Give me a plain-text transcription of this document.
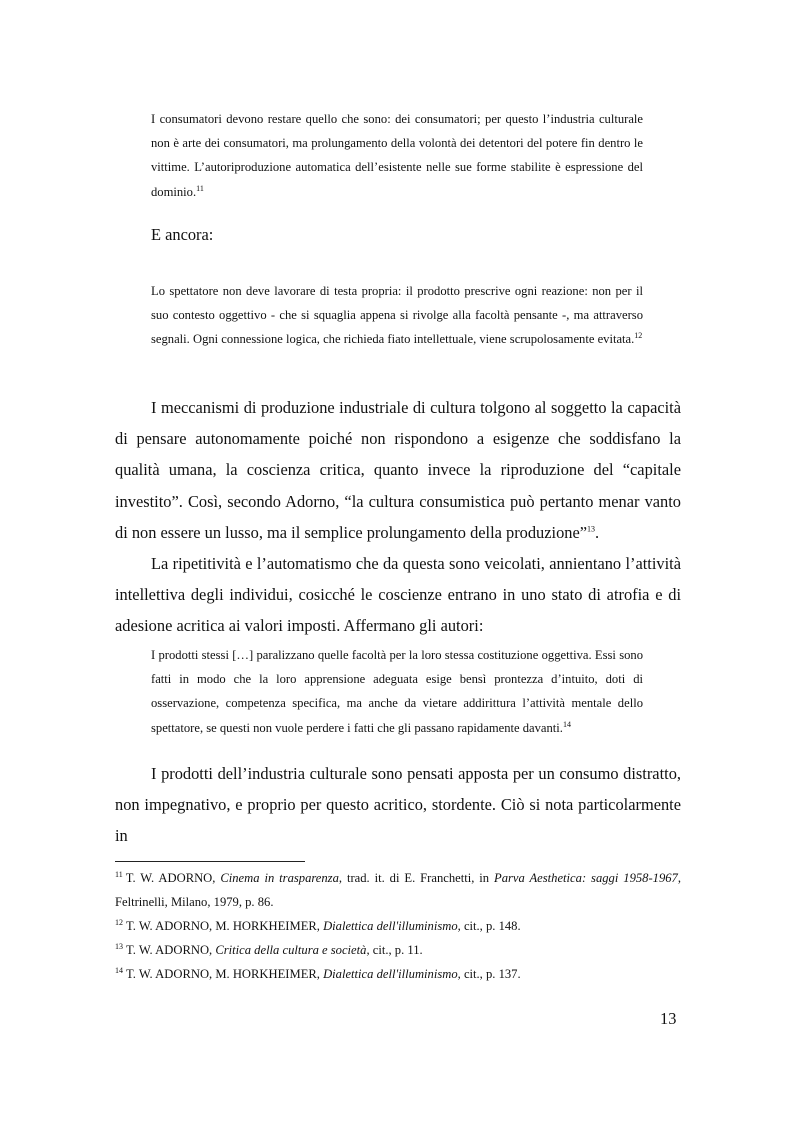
I consumatori devono restare quello che sono: dei consumatori; per questo l’industria culturale non è arte dei consumatori, ma prolungamento della volontà dei detentori del potere fin dentro le vittime. L’autoriproduzione automatica dell’esistente nelle sue forme stabilite è espressione del dominio.$^{11}$

E ancora:

Lo spettatore non deve lavorare di testa propria: il prodotto prescrive ogni reazione: non per il suo contesto oggettivo - che si squaglia appena si rivolge alla facoltà pensante -, ma attraverso segnali. Ogni connessione logica, che richieda fiato intellettuale, viene scrupolosamente evitata.$^{12}$

I meccanismi di produzione industriale di cultura tolgono al soggetto la capacità di pensare autonomamente poiché non rispondono a esigenze che soddisfano la qualità umana, la coscienza critica, quanto invece la riproduzione del “capitale investito”. Così, secondo Adorno, “la cultura consumistica può pertanto menar vanto di non essere un lusso, ma il semplice prolungamento della produzione”$^{13}$.

La ripetitività e l’automatismo che da questa sono veicolati, annientano l’attività intellettiva degli individui, cosicché le coscienze entrano in uno stato di atrofia e di adesione acritica ai valori imposti. Affermano gli autori:

I prodotti stessi […] paralizzano quelle facoltà per la loro stessa costituzione oggettiva. Essi sono fatti in modo che la loro apprensione adeguata esige bensì prontezza d’intuito, doti di osservazione, competenza specifica, ma anche da vietare addirittura l’attività mentale dello spettatore, se questi non vuole perdere i fatti che gli passano rapidamente davanti.$^{14}$

I prodotti dell’industria culturale sono pensati apposta per un consumo distratto, non impegnativo, e proprio per questo acritico, stordente. Ciò si nota particolarmente in

$^{11}$ T. W. ADORNO, Cinema in trasparenza, trad. it. di E. Franchetti, in Parva Aesthetica: saggi 1958-1967, Feltrinelli, Milano, 1979, p. 86.

$^{12}$ T. W. ADORNO, M. HORKHEIMER, Dialettica dell'illuminismo, cit., p. 148.

$^{13}$ T. W. ADORNO, Critica della cultura e società, cit., p. 11.

$^{14}$ T. W. ADORNO, M. HORKHEIMER, Dialettica dell'illuminismo, cit., p. 137.

13
